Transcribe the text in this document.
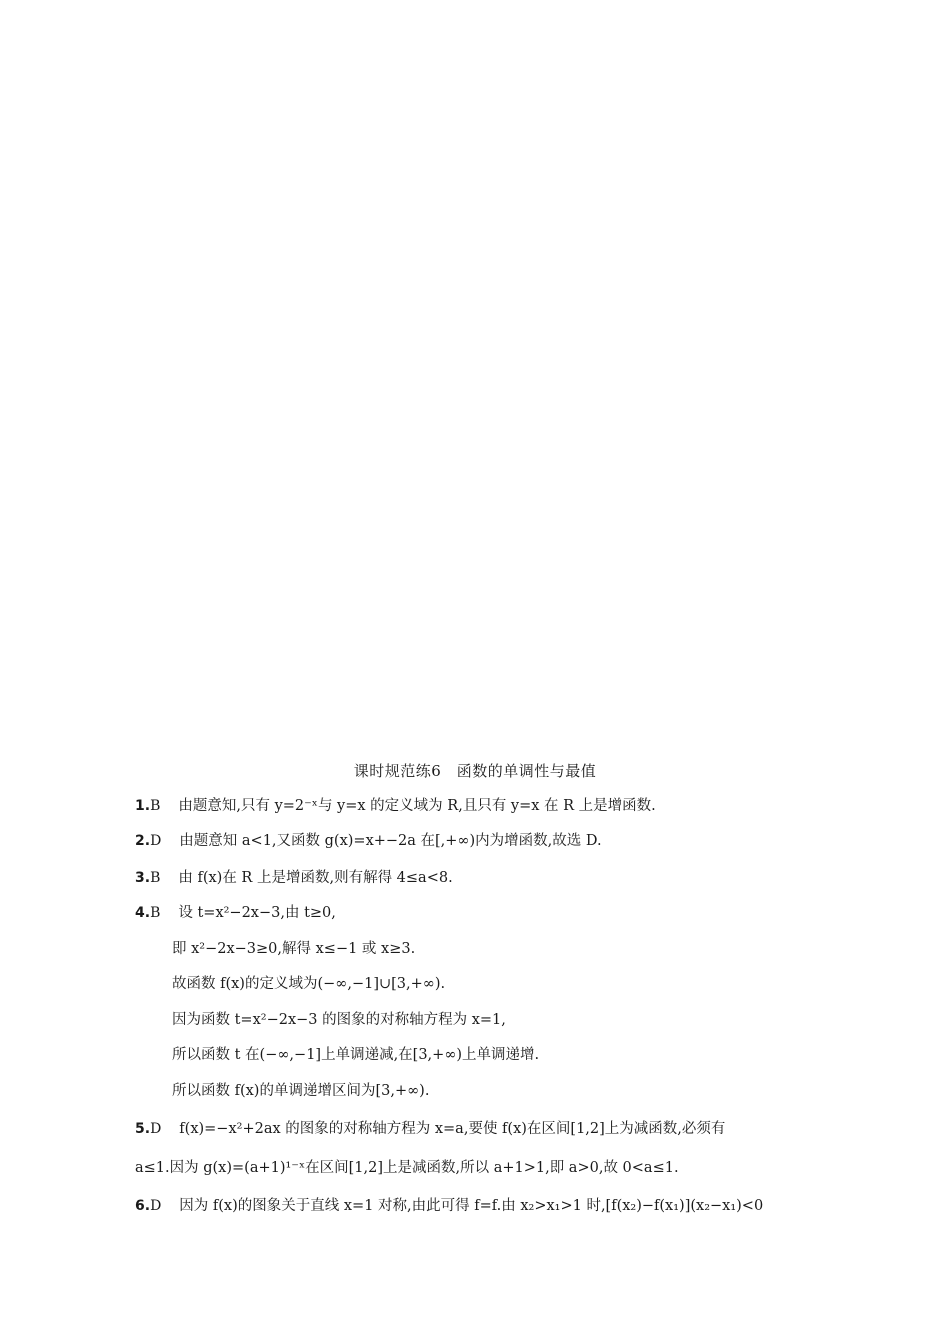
课时规范练6　函数的单调性与最值
1.B 由题意知,只有 y=2⁻ˣ与 y=x 的定义域为 R,且只有 y=x 在 R 上是增函数.
2.D 由题意知 a<1,又函数 g(x)=x+−2a 在[,+∞)内为增函数,故选 D.
3.B 由 f(x)在 R 上是增函数,则有解得 4≤a<8.
4.B 设 t=x²−2x−3,由 t≥0,
即 x²−2x−3≥0,解得 x≤−1 或 x≥3.
故函数 f(x)的定义域为(−∞,−1]∪[3,+∞).
因为函数 t=x²−2x−3 的图象的对称轴方程为 x=1,
所以函数 t 在(−∞,−1]上单调递减,在[3,+∞)上单调递增.
所以函数 f(x)的单调递增区间为[3,+∞).
5.D f(x)=−x²+2ax 的图象的对称轴方程为 x=a,要使 f(x)在区间[1,2]上为减函数,必须有
a≤1.因为 g(x)=(a+1)¹⁻ˣ在区间[1,2]上是减函数,所以 a+1>1,即 a>0,故 0<a≤1.
6.D 因为 f(x)的图象关于直线 x=1 对称,由此可得 f=f.由 x₂>x₁>1 时,[f(x₂)−f(x₁)](x₂−x₁)<0
